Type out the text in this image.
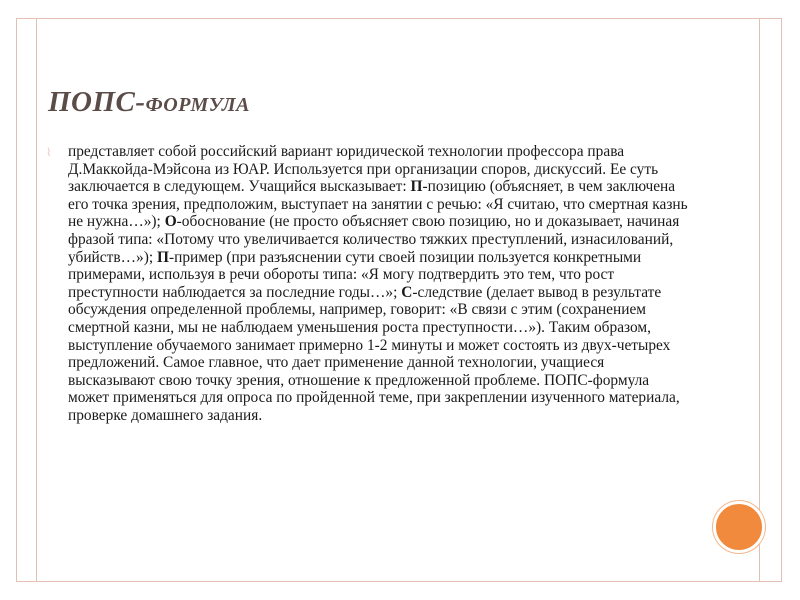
ПОПС-формула
⌇	представляет собой российский вариант юридической технологии профессора права Д.Маккойда-Мэйсона из ЮАР. Используется при организации споров, дискуссий. Ее суть заключается в следующем. Учащийся высказывает: П-позицию (объясняет, в чем заключена его точка зрения, предположим, выступает на занятии с речью: «Я считаю, что смертная казнь не нужна…»); О-обоснование (не просто объясняет свою позицию, но и доказывает, начиная фразой типа: «Потому что увеличивается количество тяжких преступлений, изнасилований, убийств…»); П-пример (при разъяснении сути своей позиции пользуется конкретными примерами, используя в речи обороты типа: «Я могу подтвердить это тем, что рост преступности наблюдается за последние годы…»; С-следствие (делает вывод в результате обсуждения определенной проблемы, например, говорит: «В связи с этим (сохранением смертной казни, мы не наблюдаем уменьшения роста преступности…»). Таким образом, выступление обучаемого занимает примерно 1-2 минуты и может состоять из двух-четырех предложений. Самое главное, что дает применение данной технологии, учащиеся высказывают свою точку зрения, отношение к предложенной проблеме. ПОПС-формула может применяться для опроса по пройденной теме, при закреплении изученного материала, проверке домашнего задания.
